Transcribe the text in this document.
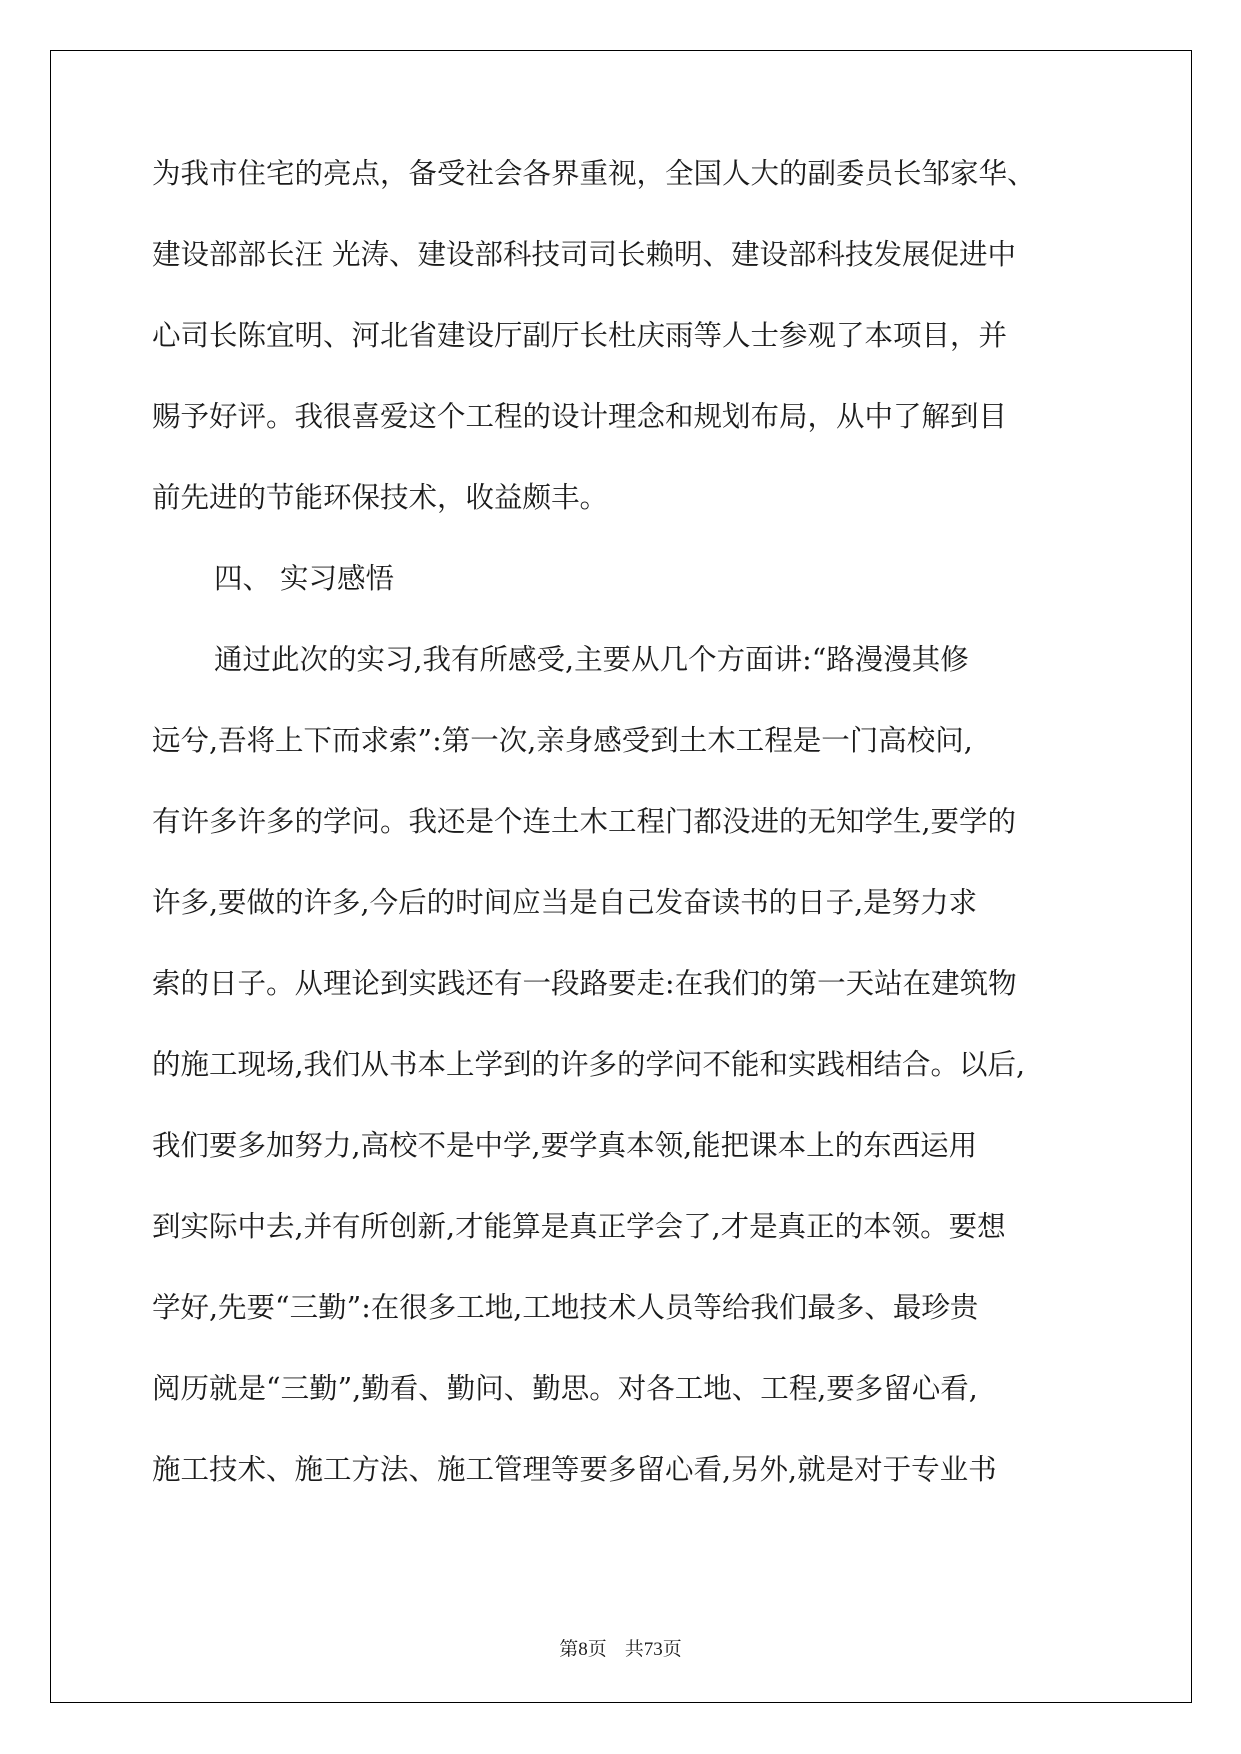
为我市住宅的亮点，备受社会各界重视，全国人大的副委员长邹家华、
建设部部长汪 光涛、建设部科技司司长赖明、建设部科技发展促进中
心司长陈宜明、河北省建设厅副厅长杜庆雨等人士参观了本项目，并
赐予好评。我很喜爱这个工程的设计理念和规划布局，从中了解到目
前先进的节能环保技术，收益颇丰。
四、 实习感悟
通过此次的实习,我有所感受,主要从几个方面讲:“路漫漫其修
远兮,吾将上下而求索”:第一次,亲身感受到土木工程是一门高校问,
有许多许多的学问。我还是个连土木工程门都没进的无知学生,要学的
许多,要做的许多,今后的时间应当是自己发奋读书的日子,是努力求
索的日子。从理论到实践还有一段路要走:在我们的第一天站在建筑物
的施工现场,我们从书本上学到的许多的学问不能和实践相结合。以后,
我们要多加努力,高校不是中学,要学真本领,能把课本上的东西运用
到实际中去,并有所创新,才能算是真正学会了,才是真正的本领。要想
学好,先要“三勤”:在很多工地,工地技术人员等给我们最多、最珍贵
阅历就是“三勤”,勤看、勤问、勤思。对各工地、工程,要多留心看,
施工技术、施工方法、施工管理等要多留心看,另外,就是对于专业书
第8页 共73页
